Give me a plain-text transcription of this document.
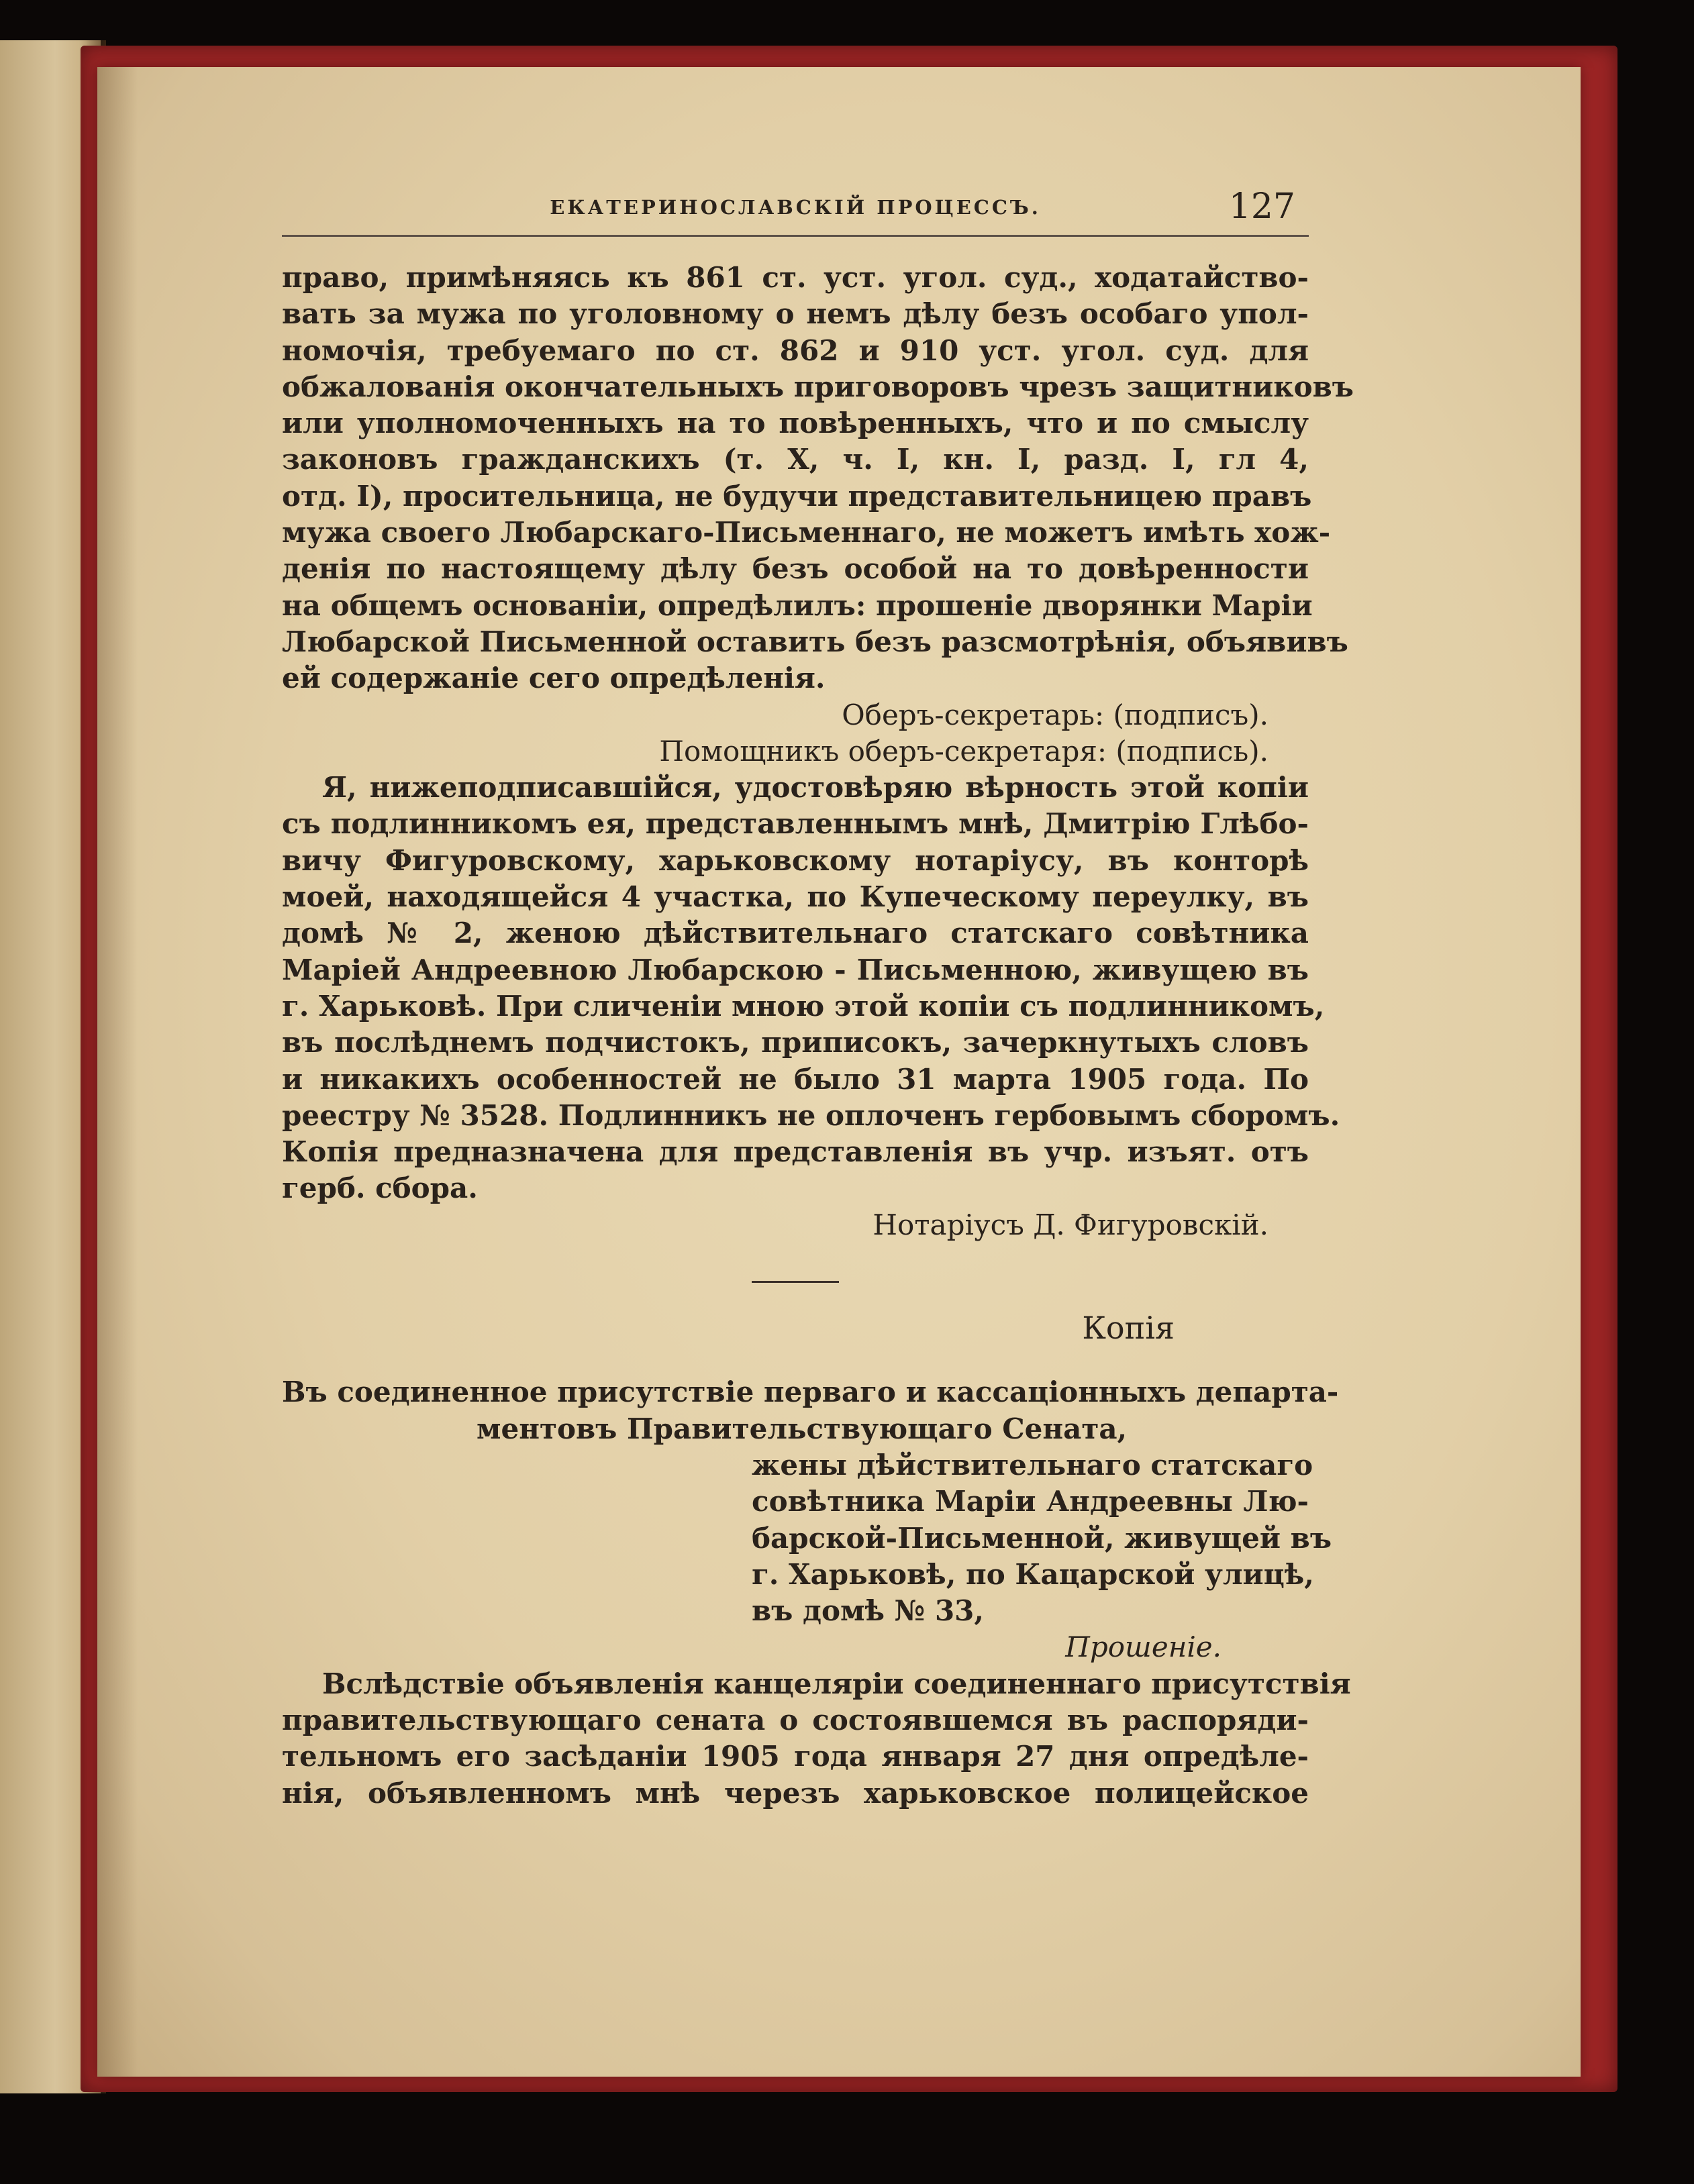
ЕКАТЕРИНОСЛАВСКІЙ ПРОЦЕССЪ.	127
право, примѣняясь къ 861 ст. уст. угол. суд., ходатайство-
вать за мужа по уголовному о немъ дѣлу безъ особаго упол-
номочія, требуемаго по ст. 862 и 910 уст. угол. суд. для
обжалованія окончательныхъ приговоровъ чрезъ защитниковъ
или уполномоченныхъ на то повѣренныхъ, что и по смыслу
законовъ гражданскихъ (т. X, ч. I, кн. I, разд. I, гл 4,
отд. I), просительница, не будучи представительницею правъ
мужа своего Любарскаго-Письменнаго, не можетъ имѣть хож-
денія по настоящему дѣлу безъ особой на то довѣренности
на общемъ основаніи, опредѣлилъ: прошеніе дворянки Маріи
Любарской Письменной оставить безъ разсмотрѣнія, объявивъ
ей содержаніе сего опредѣленія.
Оберъ-секретарь: (подписъ).
Помощникъ оберъ-секретаря: (подпись).
Я, нижеподписавшійся, удостовѣряю вѣрность этой копіи
съ подлинникомъ ея, представленнымъ мнѣ, Дмитрію Глѣбо-
вичу Фигуровскому, харьковскому нотаріусу, въ конторѣ
моей, находящейся 4 участка, по Купеческому переулку, въ
домѣ № 2, женою дѣйствительнаго статскаго совѣтника
Маріей Андреевною Любарскою - Письменною, живущею въ
г. Харьковѣ. При сличеніи мною этой копіи съ подлинникомъ,
въ послѣднемъ подчистокъ, приписокъ, зачеркнутыхъ словъ
и никакихъ особенностей не было 31 марта 1905 года. По
реестру № 3528. Подлинникъ не оплоченъ гербовымъ сборомъ.
Копія предназначена для представленія въ учр. изъят. отъ
герб. сбора.
Нотаріусъ Д. Фигуровскій.
Копія
Въ соединенное присутствіе перваго и кассаціонныхъ департа-
ментовъ Правительствующаго Сената,
жены дѣйствительнаго статскаго
совѣтника Маріи Андреевны Лю-
барской-Письменной, живущей въ
г. Харьковѣ, по Кацарской улицѣ,
въ домѣ № 33,
Прошеніе.
Вслѣдствіе объявленія канцеляріи соединеннаго присутствія
правительствующаго сената о состоявшемся въ распоряди-
тельномъ его засѣданіи 1905 года января 27 дня опредѣле-
нія, объявленномъ мнѣ черезъ харьковское полицейское
